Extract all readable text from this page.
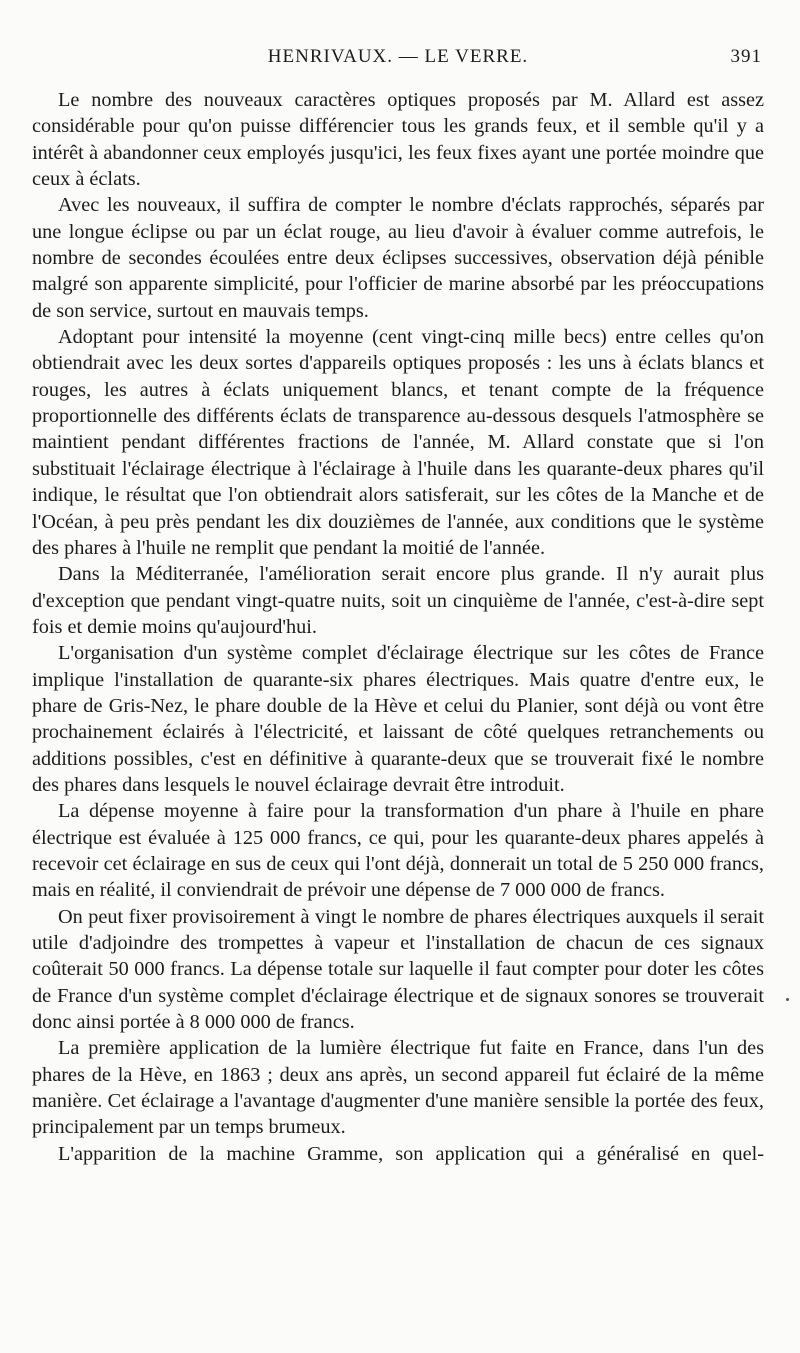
HENRIVAUX. — LE VERRE.	391

Le nombre des nouveaux caractères optiques proposés par M. Allard est assez considérable pour qu'on puisse différencier tous les grands feux, et il semble qu'il y a intérêt à abandonner ceux employés jusqu'ici, les feux fixes ayant une portée moindre que ceux à éclats.

Avec les nouveaux, il suffira de compter le nombre d'éclats rapprochés, séparés par une longue éclipse ou par un éclat rouge, au lieu d'avoir à évaluer comme autrefois, le nombre de secondes écoulées entre deux éclipses successives, observation déjà pénible malgré son apparente simplicité, pour l'officier de marine absorbé par les préoccupations de son service, surtout en mauvais temps.

Adoptant pour intensité la moyenne (cent vingt-cinq mille becs) entre celles qu'on obtiendrait avec les deux sortes d'appareils optiques proposés : les uns à éclats blancs et rouges, les autres à éclats uniquement blancs, et tenant compte de la fréquence proportionnelle des différents éclats de transparence au-dessous desquels l'atmosphère se maintient pendant différentes fractions de l'année, M. Allard constate que si l'on substituait l'éclairage électrique à l'éclairage à l'huile dans les quarante-deux phares qu'il indique, le résultat que l'on obtiendrait alors satisferait, sur les côtes de la Manche et de l'Océan, à peu près pendant les dix douzièmes de l'année, aux conditions que le système des phares à l'huile ne remplit que pendant la moitié de l'année.

Dans la Méditerranée, l'amélioration serait encore plus grande. Il n'y aurait plus d'exception que pendant vingt-quatre nuits, soit un cinquième de l'année, c'est-à-dire sept fois et demie moins qu'aujourd'hui.

L'organisation d'un système complet d'éclairage électrique sur les côtes de France implique l'installation de quarante-six phares électriques. Mais quatre d'entre eux, le phare de Gris-Nez, le phare double de la Hève et celui du Planier, sont déjà ou vont être prochainement éclairés à l'électricité, et laissant de côté quelques retranchements ou additions possibles, c'est en définitive à quarante-deux que se trouverait fixé le nombre des phares dans lesquels le nouvel éclairage devrait être introduit.

La dépense moyenne à faire pour la transformation d'un phare à l'huile en phare électrique est évaluée à 125 000 francs, ce qui, pour les quarante-deux phares appelés à recevoir cet éclairage en sus de ceux qui l'ont déjà, donnerait un total de 5 250 000 francs, mais en réalité, il conviendrait de prévoir une dépense de 7 000 000 de francs.

On peut fixer provisoirement à vingt le nombre de phares électriques auxquels il serait utile d'adjoindre des trompettes à vapeur et l'installation de chacun de ces signaux coûterait 50 000 francs. La dépense totale sur laquelle il faut compter pour doter les côtes de France d'un système complet d'éclairage électrique et de signaux sonores se trouverait donc ainsi portée à 8 000 000 de francs.

La première application de la lumière électrique fut faite en France, dans l'un des phares de la Hève, en 1863 ; deux ans après, un second appareil fut éclairé de la même manière. Cet éclairage a l'avantage d'augmenter d'une manière sensible la portée des feux, principalement par un temps brumeux.

L'apparition de la machine Gramme, son application qui a généralisé en quel-
